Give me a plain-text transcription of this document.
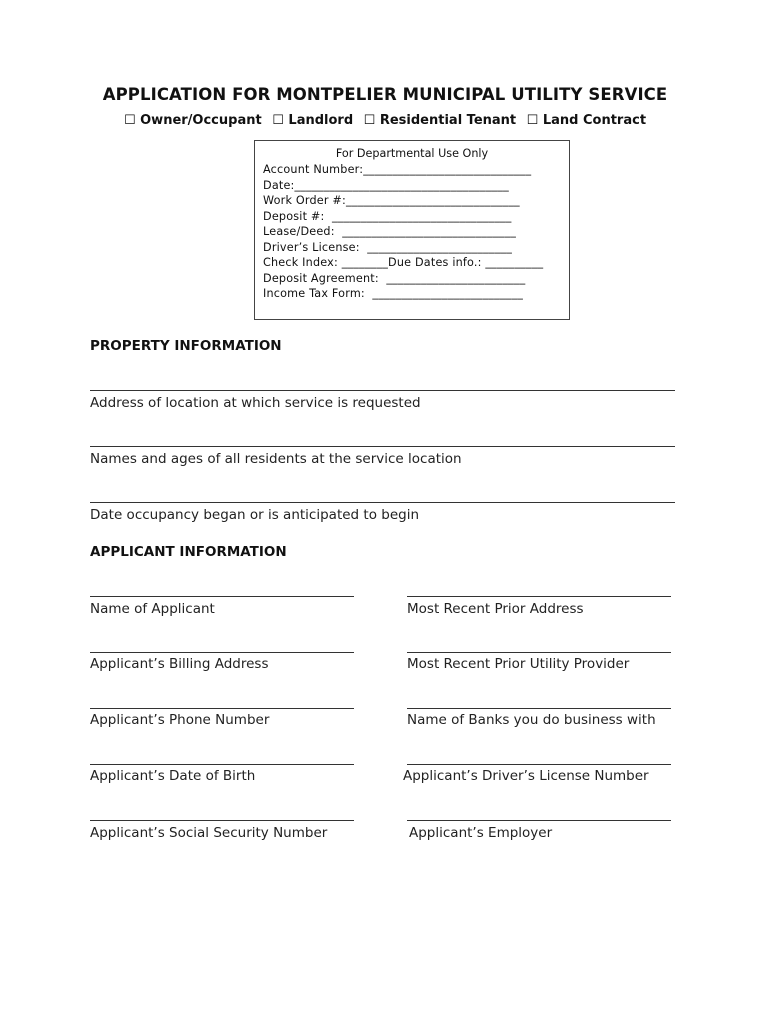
APPLICATION FOR MONTPELIER MUNICIPAL UTILITY SERVICE
☐ Owner/Occupant ☐ Landlord ☐ Residential Tenant ☐ Land Contract
For Departmental Use Only
Account Number:_____________________________
Date:_____________________________________
Work Order #:______________________________
Deposit #:  _______________________________
Lease/Deed:  ______________________________
Driver’s License:  _________________________
Check Index: ________Due Dates info.: __________
Deposit Agreement:  ________________________
Income Tax Form:  __________________________
PROPERTY INFORMATION
Address of location at which service is requested
Names and ages of all residents at the service location
Date occupancy began or is anticipated to begin
APPLICANT INFORMATION
Name of Applicant
Applicant’s Billing Address
Applicant’s Phone Number
Applicant’s Date of Birth
Applicant’s Social Security Number
Most Recent Prior Address
Most Recent Prior Utility Provider
Name of Banks you do business with
Applicant’s Driver’s License Number
Applicant’s Employer
